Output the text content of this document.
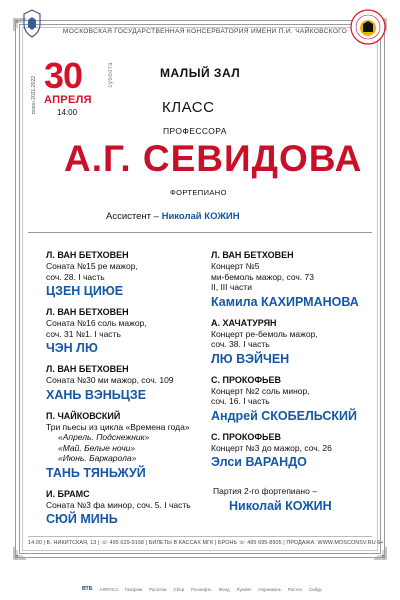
МОСКОВСКАЯ ГОСУДАРСТВЕННАЯ КОНСЕРВАТОРИЯ ИМЕНИ П.И. ЧАЙКОВСКОГО
сезон 2021-2022 30	суббота
АПРЕЛЯ
14:00
МАЛЫЙ ЗАЛ
КЛАСС
ПРОФЕССОРА
А.Г. СЕВИДОВА
ФОРТЕПИАНО
Ассистент – Николай КОЖИН
Л. ВАН БЕТХОВЕН
Соната №15 ре мажор,
соч. 28. I часть
ЦЗЕН ЦИЮЕ
Л. ВАН БЕТХОВЕН
Соната №16 соль мажор,
соч. 31 №1. I часть
ЧЭН ЛЮ
Л. ВАН БЕТХОВЕН
Соната №30 ми мажор, соч. 109
ХАНЬ ВЭНЬЦЗЕ
П. ЧАЙКОВСКИЙ
Три пьесы из цикла «Времена года»
«Апрель. Подснежник»
«Май. Белые ночи»
«Июнь. Баркарола»
ТАНЬ ТЯНЬЖУЙ
И. БРАМС
Соната №3 фа минор, соч. 5. I часть
СЮЙ МИНЬ
Л. ВАН БЕТХОВЕН
Концерт №5
ми-бемоль мажор, соч. 73
II, III части
Камила КАХИРМАНОВА
А. ХАЧАТУРЯН
Концерт ре-бемоль мажор,
соч. 38. I часть
ЛЮ ВЭЙЧЕН
С. ПРОКОФЬЕВ
Концерт №2 соль минор,
соч. 16. I часть
Андрей СКОБЕЛЬСКИЙ
С. ПРОКОФЬЕВ
Концерт №3 до мажор, соч. 26
Элси ВАРАНДО
Партия 2-го фортепиано –
Николай КОЖИН
14:00 | Б. НИКИТСКАЯ, 13 | ☏ 495 629-9168 | БИЛЕТЫ В КАССАХ МГК | БРОНЬ ☏ 495 695-8905 | ПРОДАЖА: WWW.MOSCONSV.RU 6+
ВТБ АЛРОСА Газпром Росатом Сбер Роснефть Фонд Лукойл Норникель Ростех Сибур
